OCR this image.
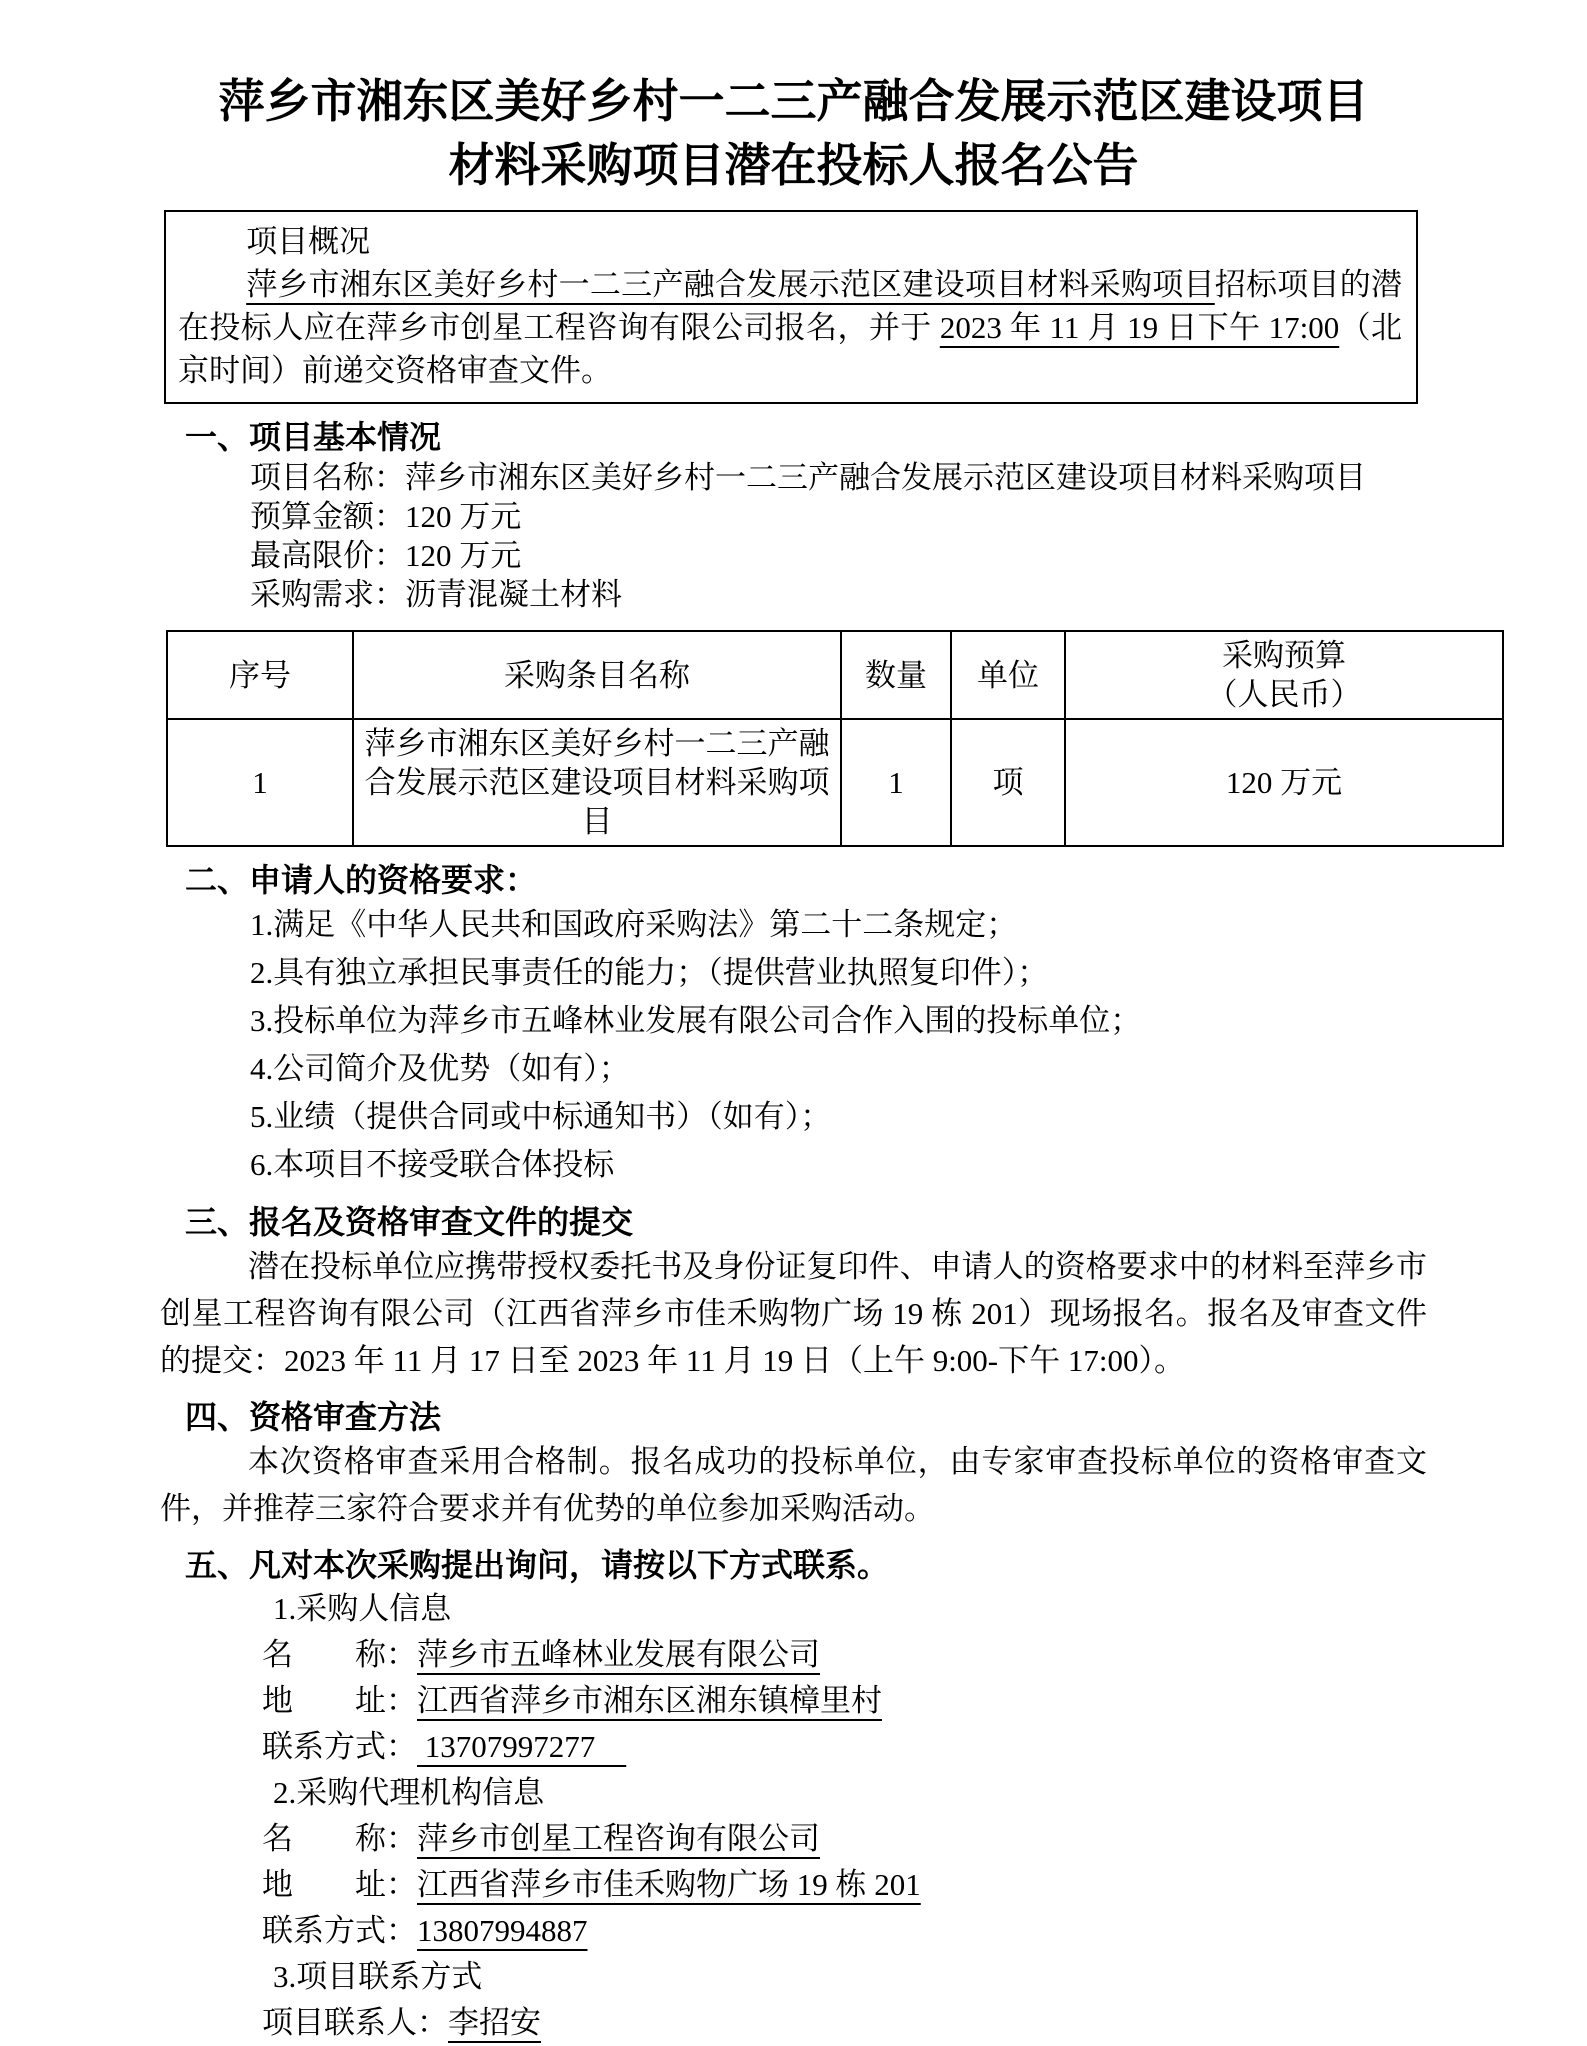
萍乡市湘东区美好乡村一二三产融合发展示范区建设项目
材料采购项目潜在投标人报名公告
项目概况
萍乡市湘东区美好乡村一二三产融合发展示范区建设项目材料采购项目招标项目的潜在投标人应在萍乡市创星工程咨询有限公司报名，并于 2023 年 11 月 19 日下午 17:00（北京时间）前递交资格审查文件。
一、项目基本情况
项目名称：萍乡市湘东区美好乡村一二三产融合发展示范区建设项目材料采购项目
预算金额：120 万元
最高限价：120 万元
采购需求：沥青混凝土材料
序号	采购条目名称	数量	单位	采购预算
（人民币）

1	萍乡市湘东区美好乡村一二三产融合发展示范区建设项目材料采购项目	1	项	120 万元
二、申请人的资格要求：
1.满足《中华人民共和国政府采购法》第二十二条规定；
2.具有独立承担民事责任的能力；（提供营业执照复印件）；
3.投标单位为萍乡市五峰林业发展有限公司合作入围的投标单位；
4.公司简介及优势（如有）；
5.业绩（提供合同或中标通知书）（如有）；
6.本项目不接受联合体投标
三、报名及资格审查文件的提交
潜在投标单位应携带授权委托书及身份证复印件、申请人的资格要求中的材料至萍乡市创星工程咨询有限公司（江西省萍乡市佳禾购物广场 19 栋 201）现场报名。报名及审查文件的提交：2023 年 11 月 17 日至 2023 年 11 月 19 日（上午 9:00-下午 17:00）。
四、资格审查方法
本次资格审查采用合格制。报名成功的投标单位，由专家审查投标单位的资格审查文件，并推荐三家符合要求并有优势的单位参加采购活动。
五、凡对本次采购提出询问，请按以下方式联系。
1.采购人信息
名　　称：萍乡市五峰林业发展有限公司
地　　址：江西省萍乡市湘东区湘东镇樟里村
联系方式： 13707997277　
2.采购代理机构信息
名　　称：萍乡市创星工程咨询有限公司
地　　址：江西省萍乡市佳禾购物广场 19 栋 201
联系方式：13807994887
3.项目联系方式
项目联系人：李招安
